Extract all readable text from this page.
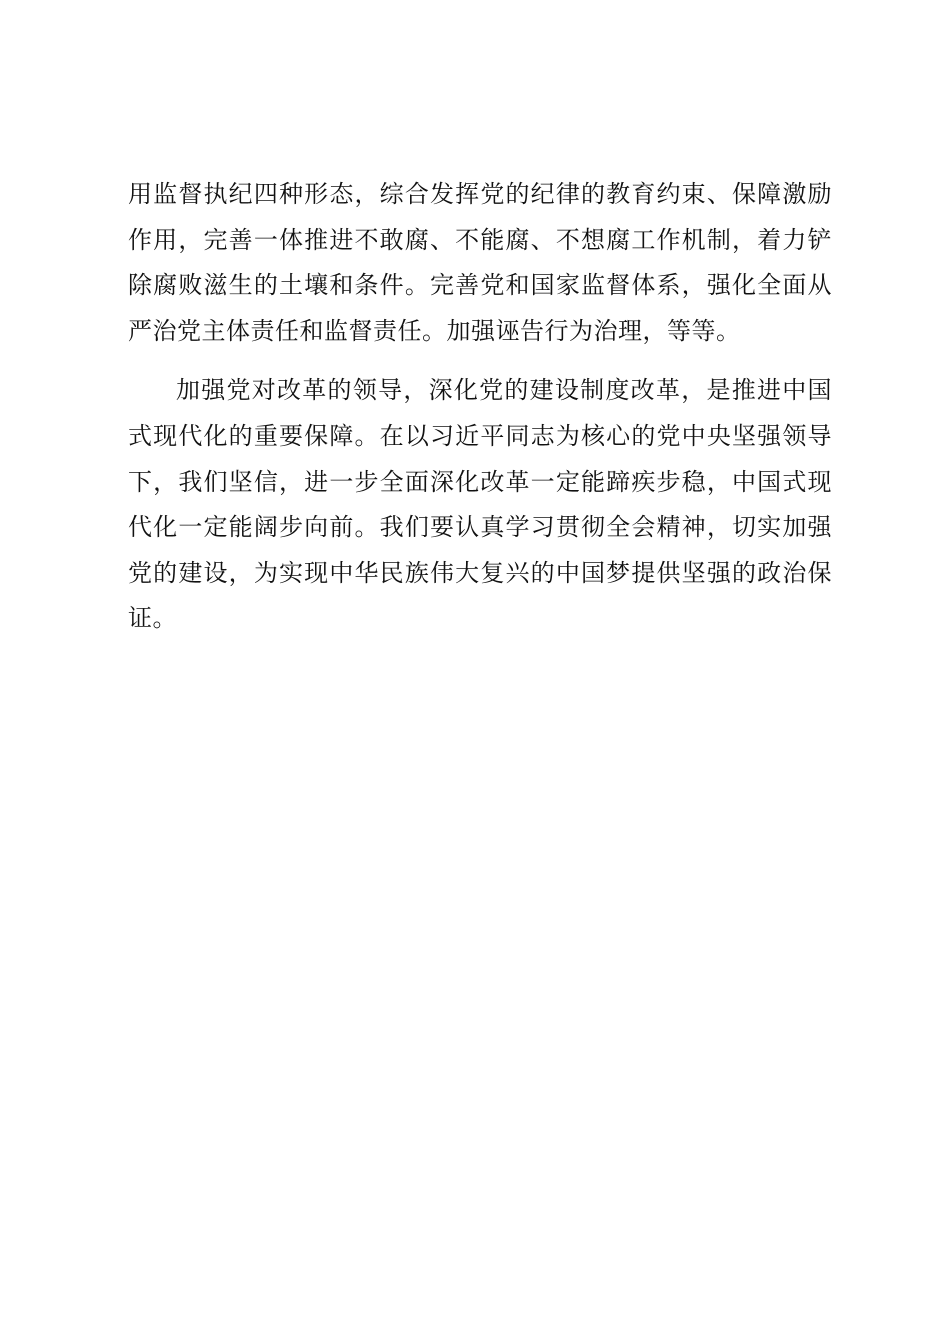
用监督执纪四种形态，综合发挥党的纪律的教育约束、保障激励作用，完善一体推进不敢腐、不能腐、不想腐工作机制，着力铲除腐败滋生的土壤和条件。完善党和国家监督体系，强化全面从严治党主体责任和监督责任。加强诬告行为治理，等等。

加强党对改革的领导，深化党的建设制度改革，是推进中国式现代化的重要保障。在以习近平同志为核心的党中央坚强领导下，我们坚信，进一步全面深化改革一定能蹄疾步稳，中国式现代化一定能阔步向前。我们要认真学习贯彻全会精神，切实加强党的建设，为实现中华民族伟大复兴的中国梦提供坚强的政治保证。
